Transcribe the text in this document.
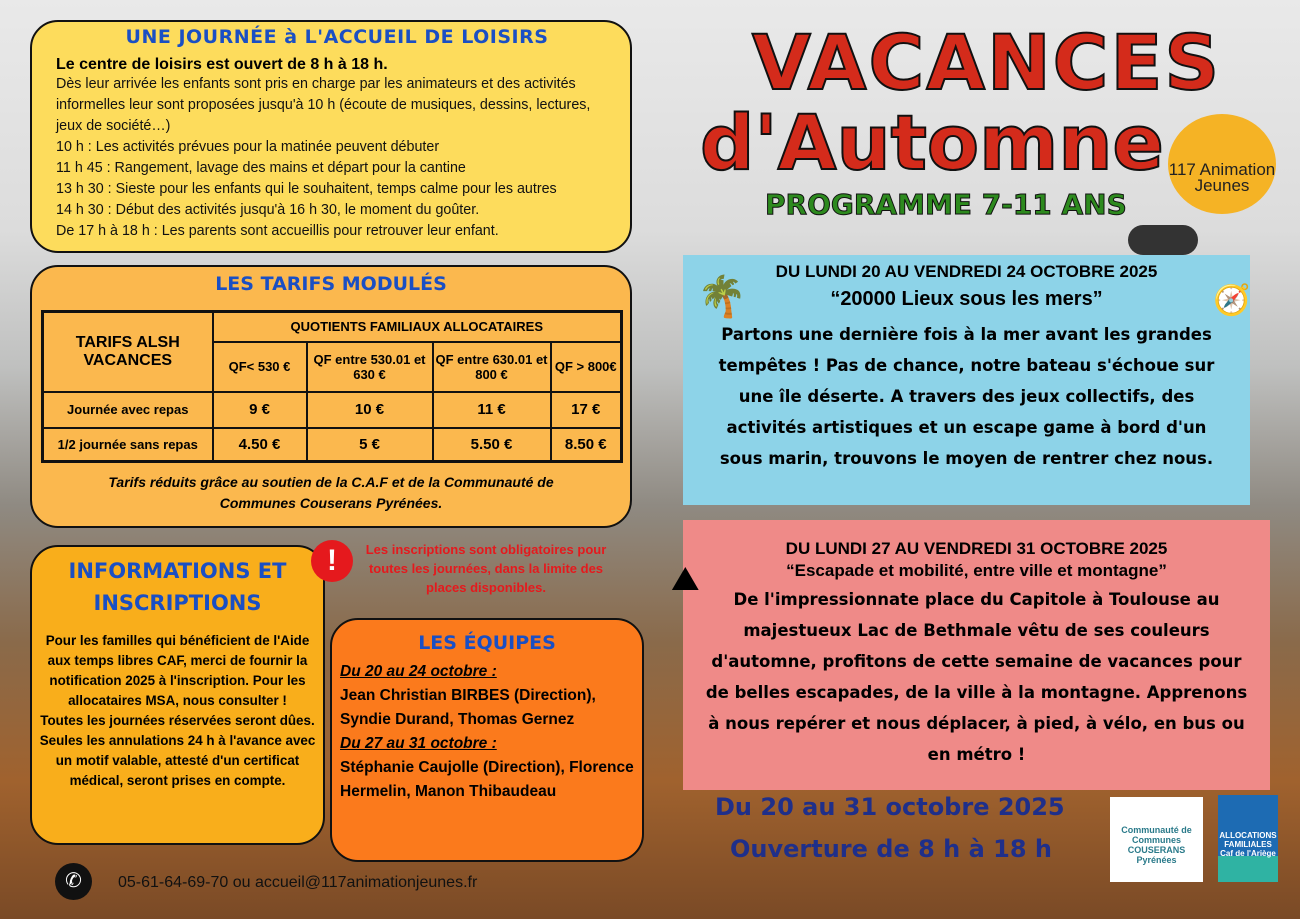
UNE JOURNÉE à L'ACCUEIL DE LOISIRS
Le centre de loisirs est ouvert de 8 h à 18 h.

Dès leur arrivée les enfants sont pris en charge par les animateurs et des activités informelles leur sont proposées jusqu'à 10 h (écoute de musiques, dessins, lectures, jeux de société…)

10 h : Les activités prévues pour la matinée peuvent débuter

11 h 45 : Rangement, lavage des mains et départ pour la cantine

13 h 30 : Sieste pour les enfants qui le souhaitent, temps calme pour les autres

14 h 30 : Début des activités jusqu'à 16 h 30, le moment du goûter.

De 17 h à 18 h : Les parents sont accueillis pour retrouver leur enfant.

LES TARIFS MODULÉS
TARIFS ALSH VACANCES	QUOTIENTS FAMILIAUX ALLOCATAIRES			
	QF< 530 €	QF entre 530.01 et 630 €	QF entre 630.01 et 800 €	QF > 800€
Journée avec repas	9 €	10 €	11 €	17 €
1/2 journée sans repas	4.50 €	5 €	5.50 €	8.50 €
Tarifs réduits grâce au soutien de la C.A.F et de la Communauté de Communes Couserans Pyrénées.
INFORMATIONS ET INSCRIPTIONS

Pour les familles qui bénéficient de l'Aide aux temps libres CAF, merci de fournir la notification 2025 à l'inscription. Pour les allocataires MSA, nous consulter !

Toutes les journées réservées seront dûes. Seules les annulations 24 h à l'avance avec un motif valable, attesté d'un certificat médical, seront prises en compte.

!	Les inscriptions sont obligatoires pour toutes les journées, dans la limite des places disponibles.
LES ÉQUIPES
Du 20 au 24 octobre :
Jean Christian BIRBES (Direction), Syndie Durand, Thomas Gernez
Du 27 au 31 octobre :
Stéphanie Caujolle (Direction), Florence Hermelin, Manon Thibaudeau
✆	05-61-64-69-70 ou accueil@117animationjeunes.fr
VACANCES
d'Automne
PROGRAMME 7-11 ANS
117 Animation Jeunes
🌴	🧭
DU LUNDI 20 AU VENDREDI 24 OCTOBRE 2025
“20000 Lieux sous les mers”

Partons une dernière fois à la mer avant les grandes tempêtes ! Pas de chance, notre bateau s'échoue sur une île déserte. A travers des jeux collectifs, des activités artistiques et un escape game à bord d'un sous marin, trouvons le moyen de rentrer chez nous.

⛰
DU LUNDI 27 AU VENDREDI 31 OCTOBRE 2025
“Escapade et mobilité, entre ville et montagne”

De l'impressionnate place du Capitole à Toulouse au majestueux Lac de Bethmale vêtu de ses couleurs d'automne, profitons de cette semaine de vacances pour de belles escapades, de la ville à la montagne. Apprenons à nous repérer et nous déplacer, à pied, à vélo, en bus ou en métro !

Du 20 au 31 octobre 2025
Ouverture de 8 h à 18 h
Communauté de Communes COUSERANS Pyrénées
ALLOCATIONS FAMILIALES Caf de l'Ariège
